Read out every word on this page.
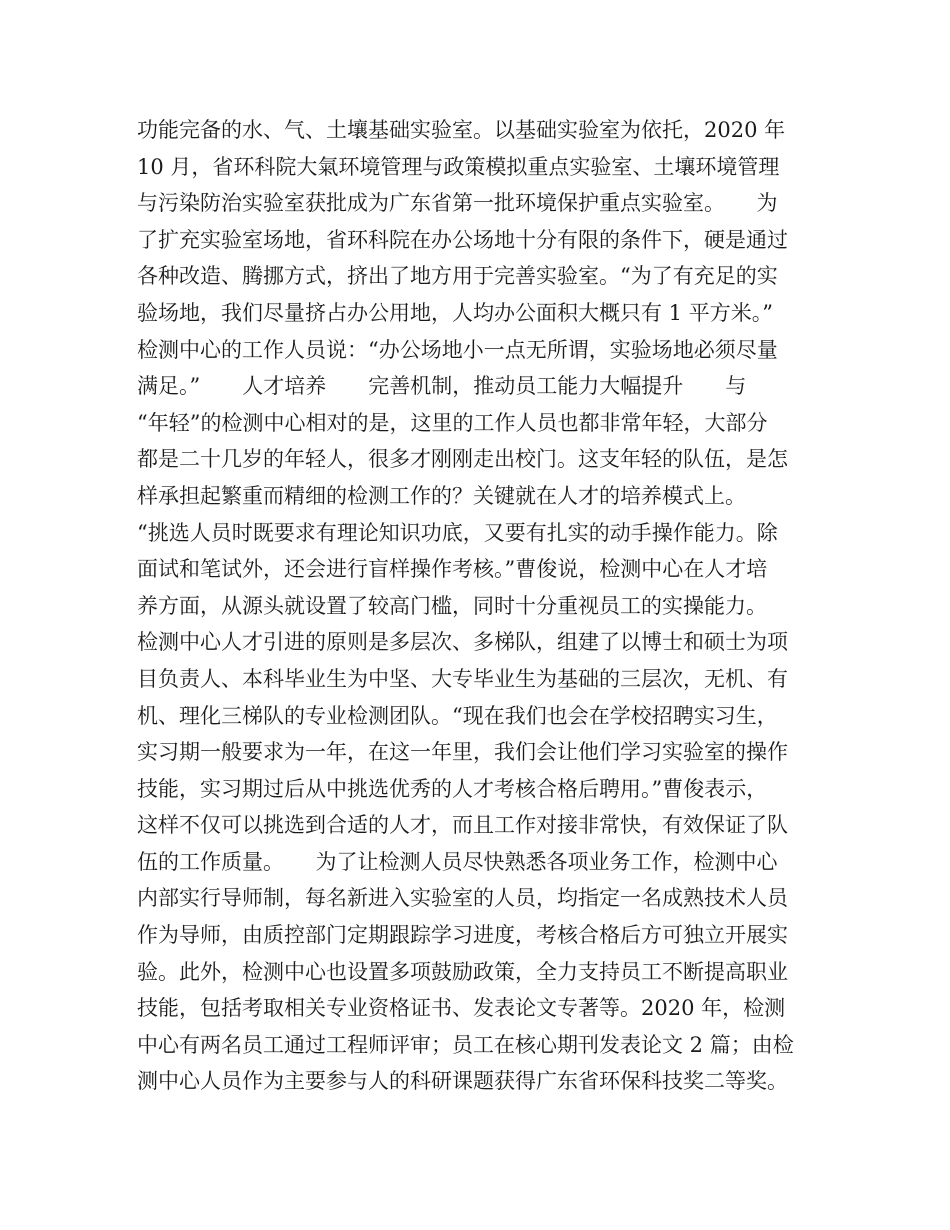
功能完备的水、气、土壤基础实验室。以基础实验室为依托，2020 年
10 月，省环科院大氣环境管理与政策模拟重点实验室、土壤环境管理
与污染防治实验室获批成为广东省第一批环境保护重点实验室。　　为
了扩充实验室场地，省环科院在办公场地十分有限的条件下，硬是通过
各种改造、腾挪方式，挤出了地方用于完善实验室。“为了有充足的实
验场地，我们尽量挤占办公用地，人均办公面积大概只有 1 平方米。”
检测中心的工作人员说：“办公场地小一点无所谓，实验场地必须尽量
满足。”　　人才培养　　完善机制，推动员工能力大幅提升　　与
“年轻”的检测中心相对的是，这里的工作人员也都非常年轻，大部分
都是二十几岁的年轻人，很多才刚刚走出校门。这支年轻的队伍，是怎
样承担起繁重而精细的检测工作的？关键就在人才的培养模式上。　　
“挑选人员时既要求有理论知识功底，又要有扎实的动手操作能力。除
面试和笔试外，还会进行盲样操作考核。”曹俊说，检测中心在人才培
养方面，从源头就设置了较高门槛，同时十分重视员工的实操能力。　
检测中心人才引进的原则是多层次、多梯队，组建了以博士和硕士为项
目负责人、本科毕业生为中坚、大专毕业生为基础的三层次，无机、有
机、理化三梯队的专业检测团队。“现在我们也会在学校招聘实习生，
实习期一般要求为一年，在这一年里，我们会让他们学习实验室的操作
技能，实习期过后从中挑选优秀的人才考核合格后聘用。”曹俊表示，
这样不仅可以挑选到合适的人才，而且工作对接非常快，有效保证了队
伍的工作质量。　　为了让检测人员尽快熟悉各项业务工作，检测中心
内部实行导师制，每名新进入实验室的人员，均指定一名成熟技术人员
作为导师，由质控部门定期跟踪学习进度，考核合格后方可独立开展实
验。此外，检测中心也设置多项鼓励政策，全力支持员工不断提高职业
技能，包括考取相关专业资格证书、发表论文专著等。2020 年，检测
中心有两名员工通过工程师评审；员工在核心期刊发表论文 2 篇；由检
测中心人员作为主要参与人的科研课题获得广东省环保科技奖二等奖。
